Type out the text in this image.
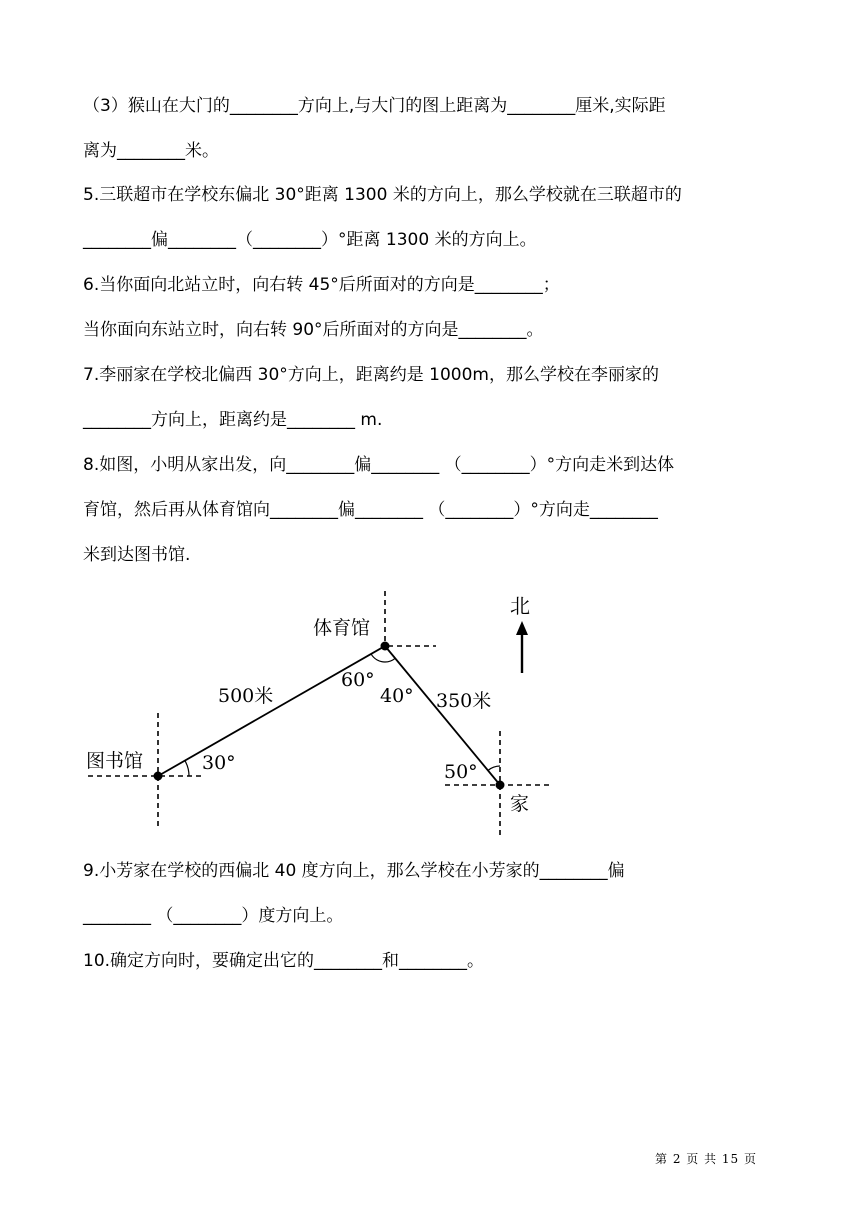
（3）猴山在大门的________方向上,与大门的图上距离为________厘米,实际距
离为________米。
5.三联超市在学校东偏北 30°距离 1300 米的方向上，那么学校就在三联超市的
________偏________（________）°距离 1300 米的方向上。
6.当你面向北站立时，向右转 45°后所面对的方向是________；
当你面向东站立时，向右转 90°后所面对的方向是________。
7.李丽家在学校北偏西 30°方向上，距离约是 1000m，那么学校在李丽家的
________方向上，距离约是________ m.
8.如图，小明从家出发，向________偏________ （________）°方向走米到达体
育馆，然后再从体育馆向________偏________ （________）°方向走________
米到达图书馆.
北
体育馆
图书馆
家
500米	350米
60°
40°
30°	50°
9.小芳家在学校的西偏北 40 度方向上，那么学校在小芳家的________偏
________ （________）度方向上。
10.确定方向时，要确定出它的________和________。
第 2 页 共 15 页
